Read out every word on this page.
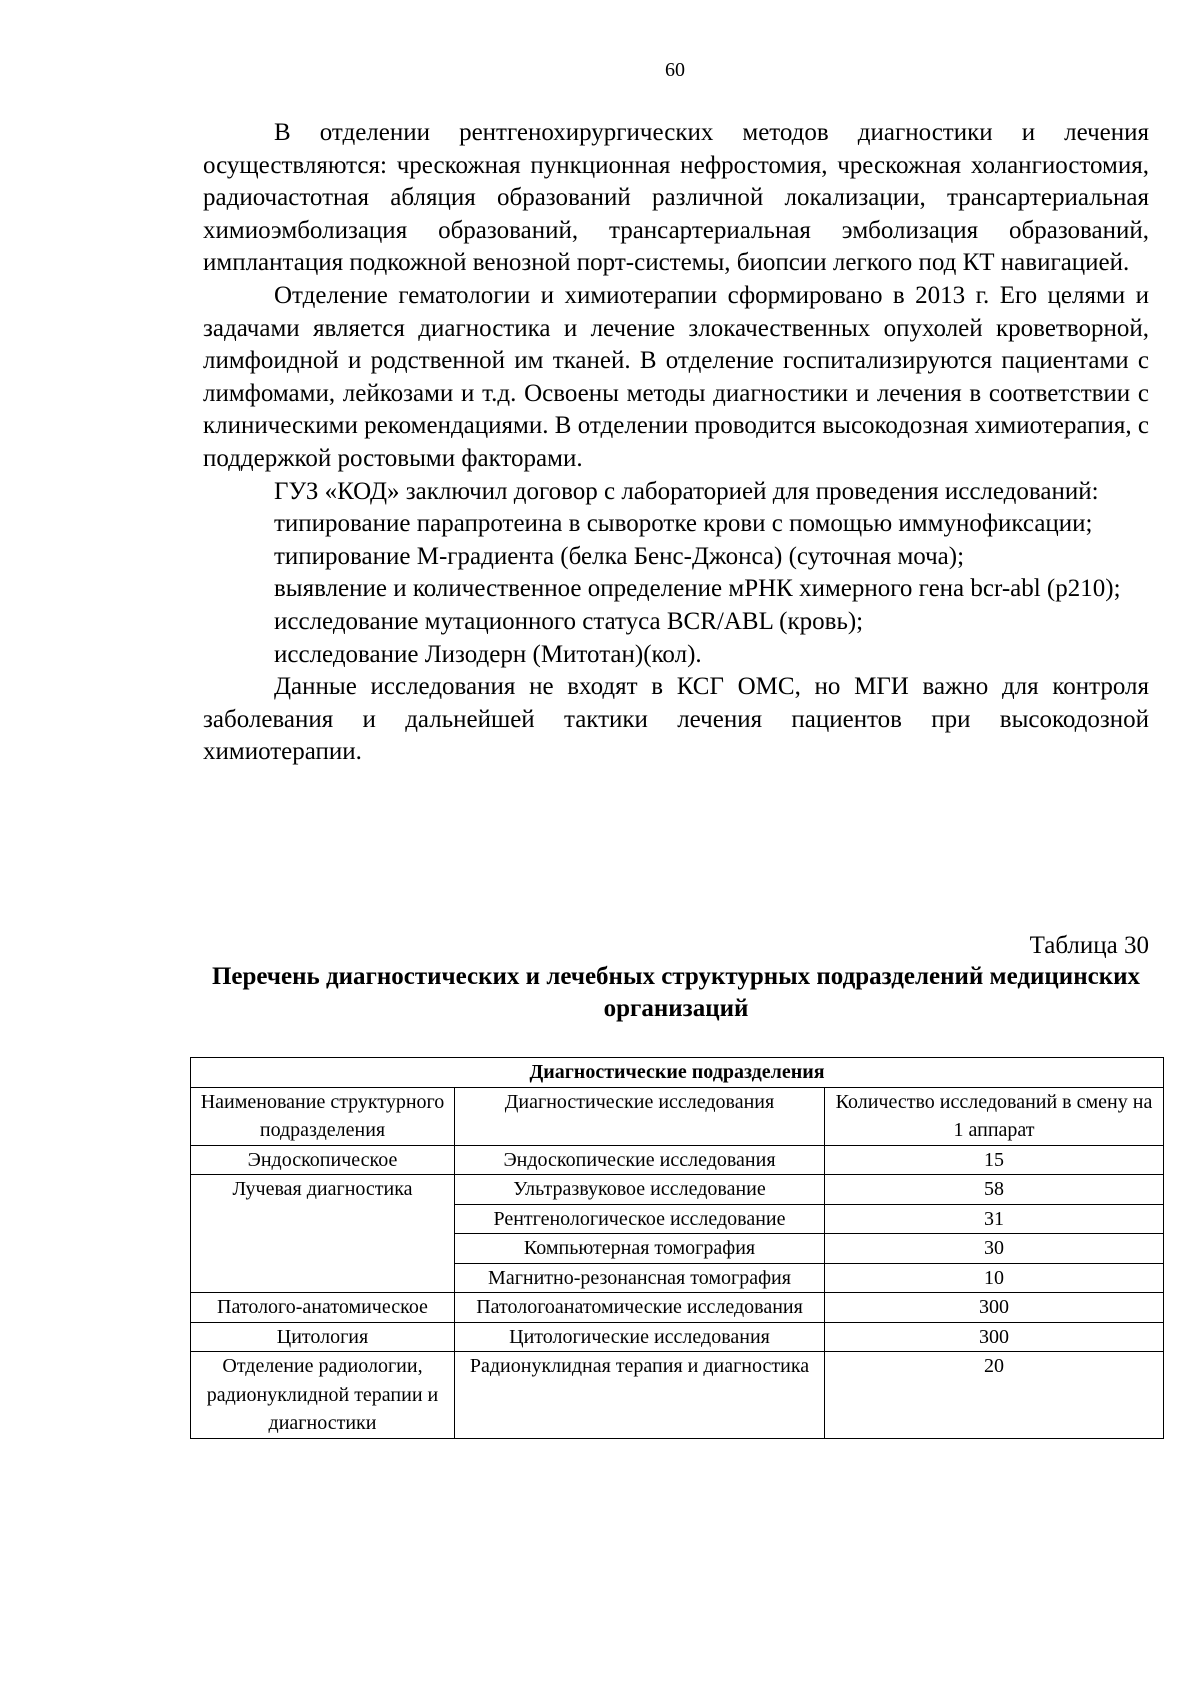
60

В отделении рентгенохирургических методов диагностики и лечения осуществляются: чрескожная пункционная нефростомия, чрескожная холангиостомия, радиочастотная абляция образований различной локализации, трансартериальная химиоэмболизация образований, трансартериальная эмболизация образований, имплантация подкожной венозной порт-системы, биопсии легкого под КТ навигацией.

Отделение гематологии и химиотерапии сформировано в 2013 г. Его целями и задачами является диагностика и лечение злокачественных опухолей кроветворной, лимфоидной и родственной им тканей. В отделение госпитализируются пациентами с лимфомами, лейкозами и т.д. Освоены методы диагностики и лечения в соответствии с клиническими рекомендациями. В отделении проводится высокодозная химиотерапия, с поддержкой ростовыми факторами.

ГУЗ «КОД» заключил договор с лабораторией для проведения исследований:

типирование парапротеина в сыворотке крови с помощью иммунофиксации;

типирование М-градиента (белка Бенс-Джонса) (суточная моча);

выявление и количественное определение мРНК химерного гена bcr-abl (p210);

исследование мутационного статуса BCR/ABL (кровь);

исследование Лизодерн (Митотан)(кол).

Данные исследования не входят в КСГ ОМС, но МГИ важно для контроля заболевания и дальнейшей тактики лечения пациентов при высокодозной химиотерапии.

Таблица 30
Перечень диагностических и лечебных структурных подразделений медицинских организаций
Диагностические подразделения		
Наименование структурного подразделения	Диагностические исследования	Количество исследований в смену на 1 аппарат
Эндоскопическое	Эндоскопические исследования	15
Лучевая диагностика	Ультразвуковое исследование	58
	Рентгенологическое исследование	31
	Компьютерная томография	30
	Магнитно-резонансная томография	10
Патолого-анатомическое	Патологоанатомические исследования	300
Цитология	Цитологические исследования	300
Отделение радиологии, радионуклидной терапии и диагностики	Радионуклидная терапия и диагностика	20
